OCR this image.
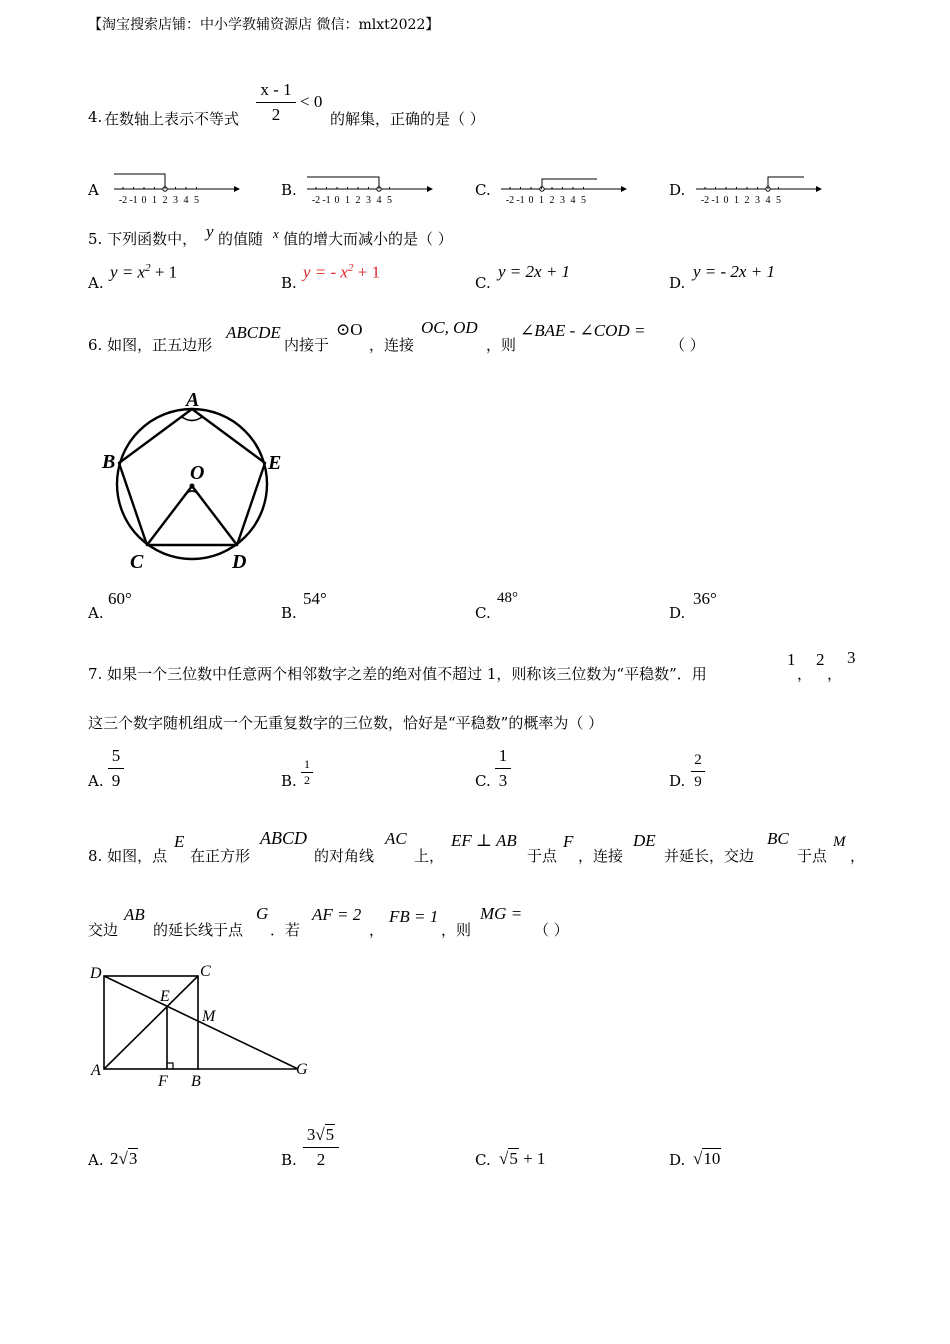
【淘宝搜索店铺：中小学教辅资源店 微信：mlxt2022】
4. 在数轴上表示不等式
x - 1
2
< 0
的解集，正确的是（ ）
A	B.	C.	D.
-2 -1 0 1 2 3 4 5	-2 -1 0 1 2 3 4 5	-2 -1 0 1 2 3 4 5	-2 -1 0 1 2 3 4 5
5. 下列函数中， y 的值随 x 值的增大而减小的是（ ）
A.
$y = x^2 + 1$
B.
y = - $x^2 + 1$
C.
y = 2x + 1
D.
y = - 2x + 1
6. 如图，正五边形
ABCDE
内接于
⊙O
，连接
OC, OD
，则
∠BAE - ∠COD =
（ ）
A
B	E
O
C	D
A.
60°
B.
54°
C.
48°
D.
36°
7. 如果一个三位数中任意两个相邻数字之差的绝对值不超过 1，则称该三位数为“平稳数”．用
1
，
2
，
3
这三个数字随机组成一个无重复数字的三位数，恰好是“平稳数”的概率为（ ）
A.
5
9	B.
1
2	C.
1
3	D.
2
9
8. 如图，点
E
在正方形
ABCD
的对角线
AC
上，
EF ⊥ AB
于点
F
，连接
DE
并延长，交边
BC
于点
M
，
交边
AB
的延长线于点
G
．若
AF = 2
，
FB = 1
，则
MG =
（ ）
D	C
E
M
A
F B
G
A. 2√3	B.
3√5
2	C. √5 + 1	D. √10
